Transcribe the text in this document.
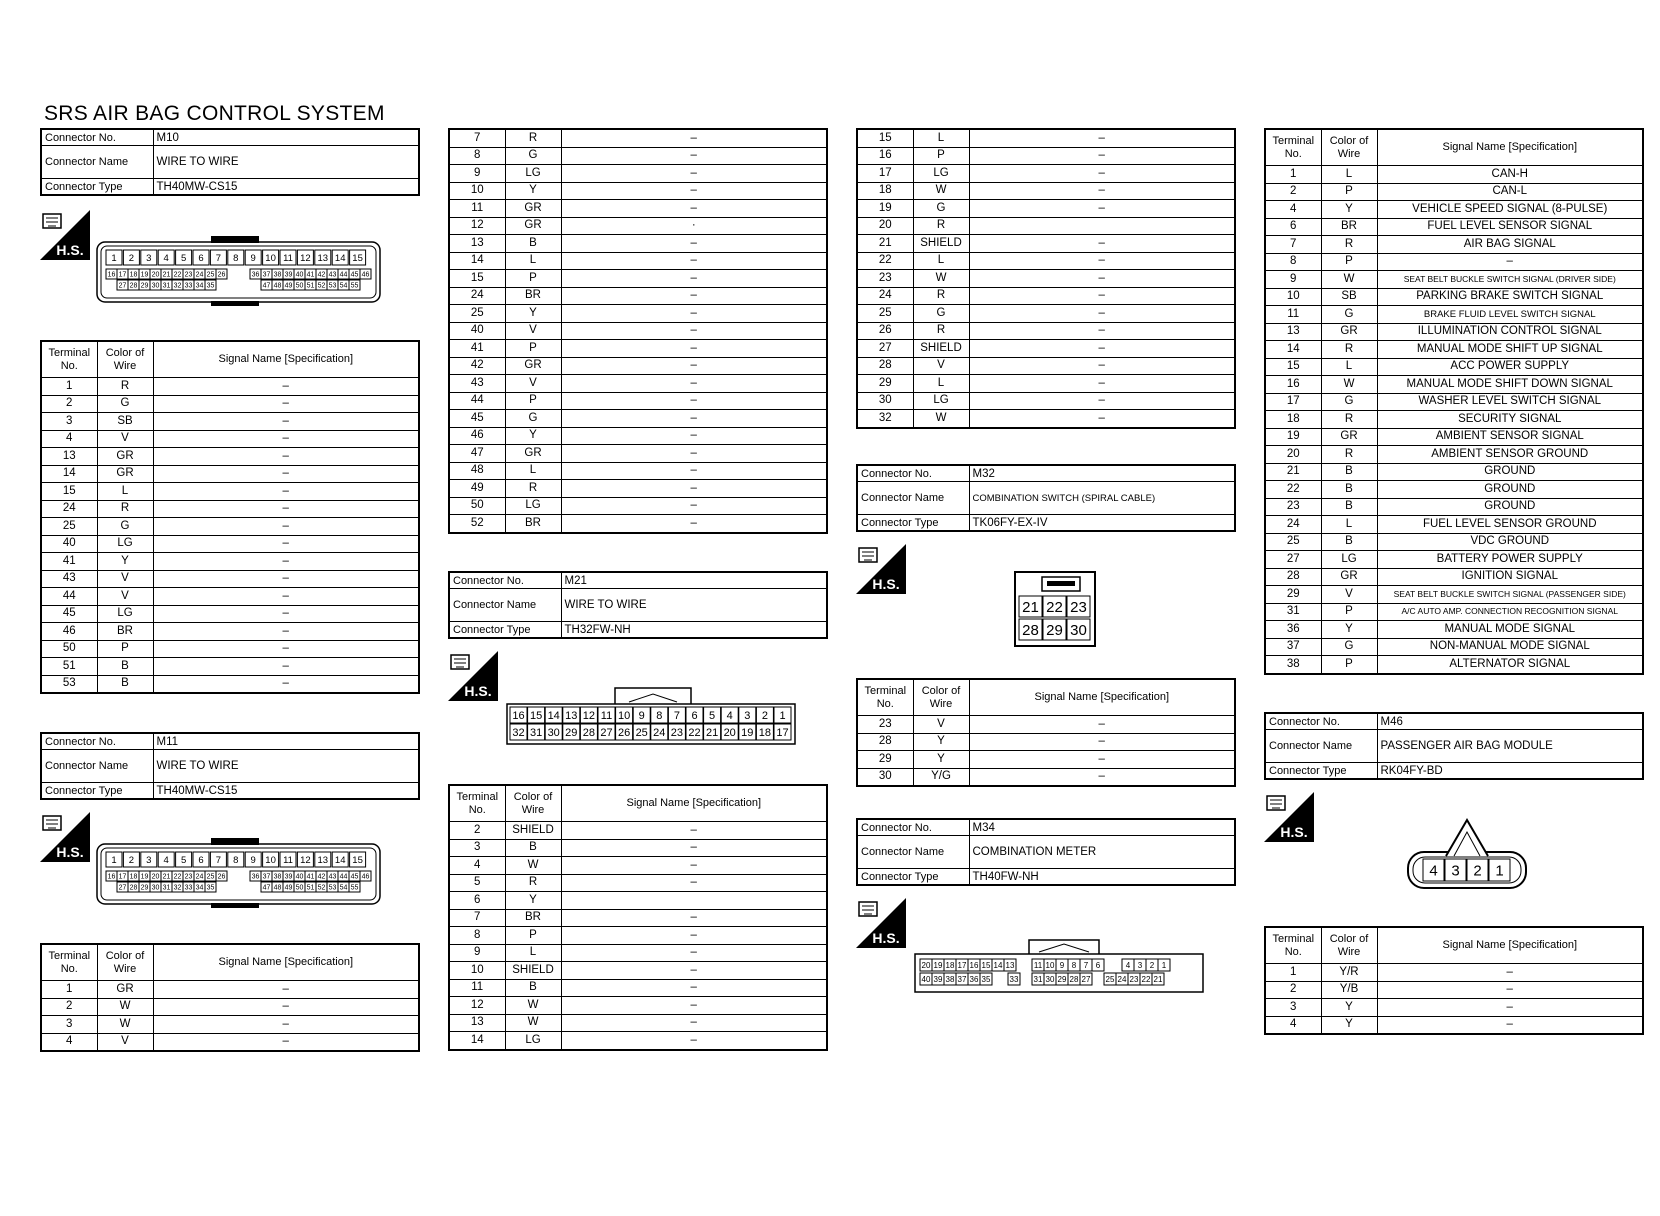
SRS AIR BAG CONTROL SYSTEM
Connector No.	M10
Connector Name	WIRE TO WIRE
Connector Type	TH40MW-CS15
H.S.
1 2 3 4 5 6 7 8 9 10 11 12 13 14 15
16 17 18 19 20 21 22 23 24 25 26	36 37 38 39 40 41 42 43 44 45 46
27 28 29 30 31 32 33 34 35	47 48 49 50 51 52 53 54 55
Terminal No.	Color of Wire	Signal Name [Specification]
1	R	–
2	G	–
3	SB	–
4	V	–
13	GR	–
14	GR	–
15	L	–
24	R	–
25	G	–
40	LG	–
41	Y	–
43	V	–
44	V	–
45	LG	–
46	BR	–
50	P	–
51	B	–
53	B	–
Connector No.	M11
Connector Name	WIRE TO WIRE
Connector Type	TH40MW-CS15
H.S.
1 2 3 4 5 6 7 8 9 10 11 12 13 14 15
16 17 18 19 20 21 22 23 24 25 26	36 37 38 39 40 41 42 43 44 45 46
27 28 29 30 31 32 33 34 35	47 48 49 50 51 52 53 54 55
Terminal No.	Color of Wire	Signal Name [Specification]
1	GR	–
2	W	–
3	W	–
4	V	–
7	R	–
8	G	–
9	LG	–
10	Y	–
11	GR	–
12	GR	·
13	B	–
14	L	–
15	P	–
24	BR	–
25	Y	–
40	V	–
41	P	–
42	GR	–
43	V	–
44	P	–
45	G	–
46	Y	–
47	GR	–
48	L	–
49	R	–
50	LG	–
52	BR	–
Connector No.	M21
Connector Name	WIRE TO WIRE
Connector Type	TH32FW-NH
H.S.
16 15 14 13 12 11 10 9 8 7 6 5 4 3 2 1
32 31 30 29 28 27 26 25 24 23 22 21 20 19 18 17
Terminal No.	Color of Wire	Signal Name [Specification]
2	SHIELD	–
3	B	–
4	W	–
5	R	–
6	Y	
7	BR	–
8	P	–
9	L	–
10	SHIELD	–
11	B	–
12	W	–
13	W	–
14	LG	–
15	L	–
16	P	–
17	LG	–
18	W	–
19	G	–
20	R	
21	SHIELD	–
22	L	–
23	W	–
24	R	–
25	G	–
26	R	–
27	SHIELD	–
28	V	–
29	L	–
30	LG	–
32	W	–
Connector No.	M32
Connector Name	COMBINATION SWITCH (SPIRAL CABLE)
Connector Type	TK06FY-EX-IV
H.S.
21 22 23
28 29 30
Terminal No.	Color of Wire	Signal Name [Specification]
23	V	–
28	Y	–
29	Y	–
30	Y/G	–
Connector No.	M34
Connector Name	COMBINATION METER
Connector Type	TH40FW-NH
H.S.
20 19 18 17 16 15 14 13 11 10 9 8 7 6	4 3 2 1
40 39 38 37 36 35 33 31 30 29 28 27 25 24 23 22 21
Terminal No.	Color of Wire	Signal Name [Specification]
1	L	CAN-H
2	P	CAN-L
4	Y	VEHICLE SPEED SIGNAL (8-PULSE)
6	BR	FUEL LEVEL SENSOR SIGNAL
7	R	AIR BAG SIGNAL
8	P	–
9	W	SEAT BELT BUCKLE SWITCH SIGNAL (DRIVER SIDE)
10	SB	PARKING BRAKE SWITCH SIGNAL
11	G	BRAKE FLUID LEVEL SWITCH SIGNAL
13	GR	ILLUMINATION CONTROL SIGNAL
14	R	MANUAL MODE SHIFT UP SIGNAL
15	L	ACC POWER SUPPLY
16	W	MANUAL MODE SHIFT DOWN SIGNAL
17	G	WASHER LEVEL SWITCH SIGNAL
18	R	SECURITY SIGNAL
19	GR	AMBIENT SENSOR SIGNAL
20	R	AMBIENT SENSOR GROUND
21	B	GROUND
22	B	GROUND
23	B	GROUND
24	L	FUEL LEVEL SENSOR GROUND
25	B	VDC GROUND
27	LG	BATTERY POWER SUPPLY
28	GR	IGNITION SIGNAL
29	V	SEAT BELT BUCKLE SWITCH SIGNAL (PASSENGER SIDE)
31	P	A/C AUTO AMP. CONNECTION RECOGNITION SIGNAL
36	Y	MANUAL MODE SIGNAL
37	G	NON-MANUAL MODE SIGNAL
38	P	ALTERNATOR SIGNAL
Connector No.	M46
Connector Name	PASSENGER AIR BAG MODULE
Connector Type	RK04FY-BD
H.S.
4 3 2 1
Terminal No.	Color of Wire	Signal Name [Specification]
1	Y/R	–
2	Y/B	–
3	Y	–
4	Y	–
